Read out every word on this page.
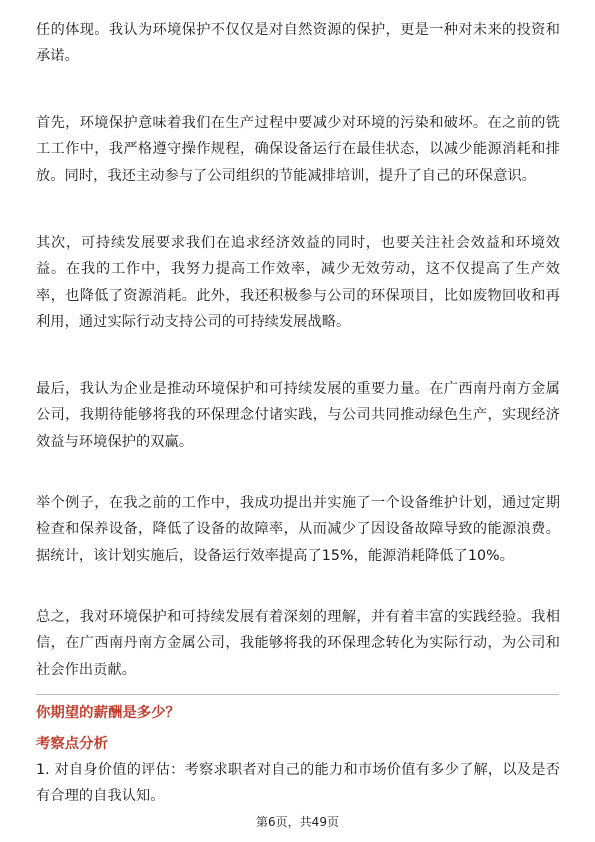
任的体现。我认为环境保护不仅仅是对自然资源的保护，更是一种对未来的投资和承诺。

首先，环境保护意味着我们在生产过程中要减少对环境的污染和破坏。在之前的铣工工作中，我严格遵守操作规程，确保设备运行在最佳状态，以减少能源消耗和排放。同时，我还主动参与了公司组织的节能减排培训，提升了自己的环保意识。

其次，可持续发展要求我们在追求经济效益的同时，也要关注社会效益和环境效益。在我的工作中，我努力提高工作效率，减少无效劳动，这不仅提高了生产效率，也降低了资源消耗。此外，我还积极参与公司的环保项目，比如废物回收和再利用，通过实际行动支持公司的可持续发展战略。

最后，我认为企业是推动环境保护和可持续发展的重要力量。在广西南丹南方金属公司，我期待能够将我的环保理念付诸实践，与公司共同推动绿色生产，实现经济效益与环境保护的双赢。

举个例子，在我之前的工作中，我成功提出并实施了一个设备维护计划，通过定期检查和保养设备，降低了设备的故障率，从而减少了因设备故障导致的能源浪费。据统计，该计划实施后，设备运行效率提高了15%，能源消耗降低了10%。

总之，我对环境保护和可持续发展有着深刻的理解，并有着丰富的实践经验。我相信，在广西南丹南方金属公司，我能够将我的环保理念转化为实际行动，为公司和社会作出贡献。

你期望的薪酬是多少？

考察点分析

1. 对自身价值的评估：考察求职者对自己的能力和市场价值有多少了解，以及是否有合理的自我认知。

第6页，共49页
